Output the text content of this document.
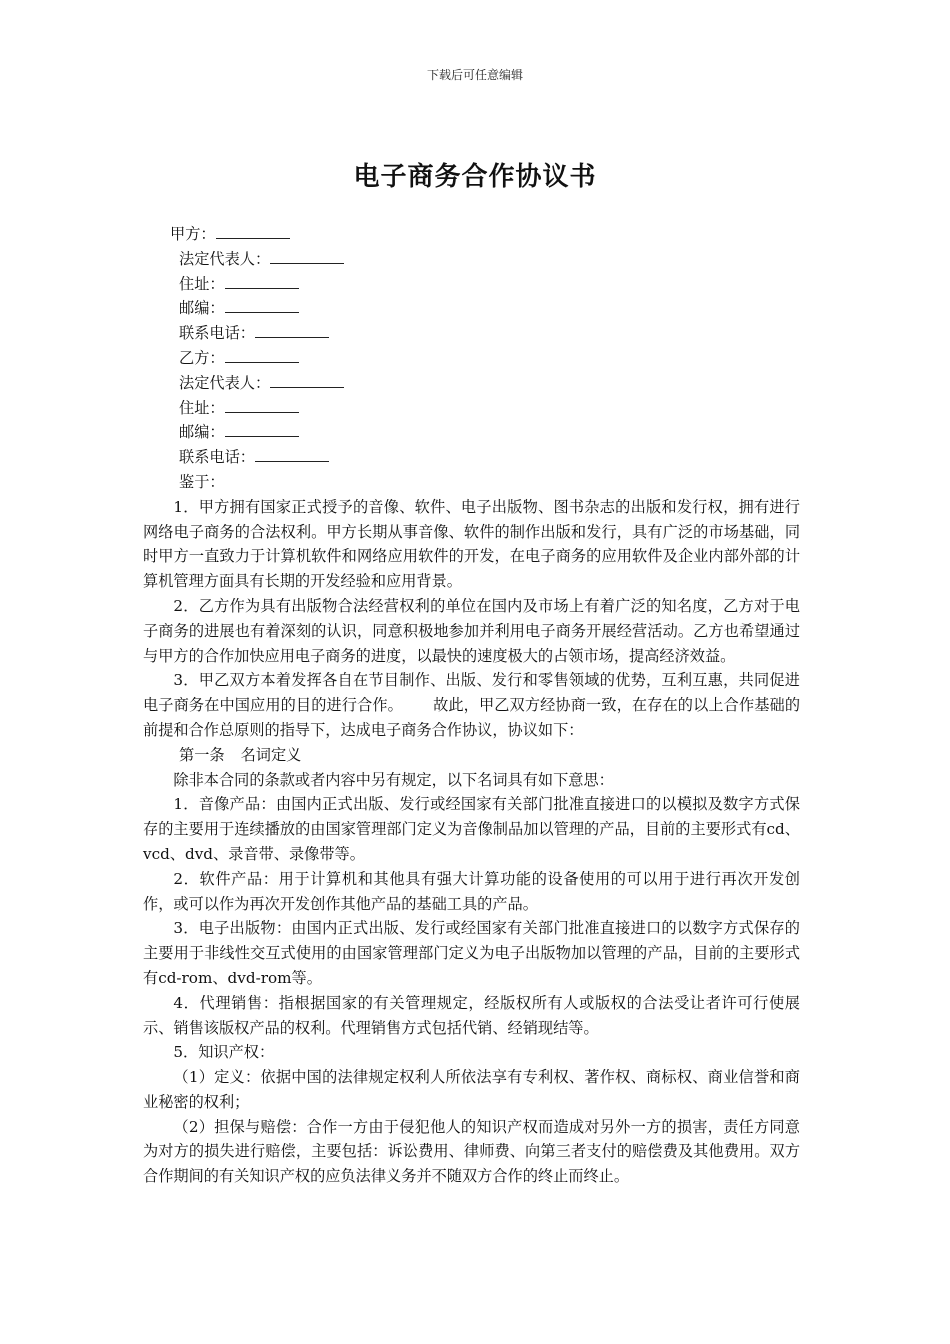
下载后可任意编辑
电子商务合作协议书
甲方：
法定代表人：
住址：
邮编：
联系电话：
乙方：
法定代表人：
住址：
邮编：
联系电话：
鉴于：

1．甲方拥有国家正式授予的音像、软件、电子出版物、图书杂志的出版和发行权，拥有进行网络电子商务的合法权利。甲方长期从事音像、软件的制作出版和发行，具有广泛的市场基础，同时甲方一直致力于计算机软件和网络应用软件的开发，在电子商务的应用软件及企业内部外部的计算机管理方面具有长期的开发经验和应用背景。

2．乙方作为具有出版物合法经营权利的单位在国内及市场上有着广泛的知名度，乙方对于电子商务的进展也有着深刻的认识，同意积极地参加并利用电子商务开展经营活动。乙方也希望通过与甲方的合作加快应用电子商务的进度，以最快的速度极大的占领市场，提高经济效益。

3．甲乙双方本着发挥各自在节目制作、出版、发行和零售领域的优势，互利互惠，共同促进电子商务在中国应用的目的进行合作。 故此，甲乙双方经协商一致，在存在的以上合作基础的前提和合作总原则的指导下，达成电子商务合作协议，协议如下：

第一条 名词定义

除非本合同的条款或者内容中另有规定，以下名词具有如下意思：

1．音像产品：由国内正式出版、发行或经国家有关部门批准直接进口的以模拟及数字方式保存的主要用于连续播放的由国家管理部门定义为音像制品加以管理的产品，目前的主要形式有cd、vcd、dvd、录音带、录像带等。

2．软件产品：用于计算机和其他具有强大计算功能的设备使用的可以用于进行再次开发创作，或可以作为再次开发创作其他产品的基础工具的产品。

3．电子出版物：由国内正式出版、发行或经国家有关部门批准直接进口的以数字方式保存的主要用于非线性交互式使用的由国家管理部门定义为电子出版物加以管理的产品，目前的主要形式有cd-rom、dvd-rom等。

4．代理销售：指根据国家的有关管理规定，经版权所有人或版权的合法受让者许可行使展示、销售该版权产品的权利。代理销售方式包括代销、经销现结等。

5．知识产权：

（1）定义：依据中国的法律规定权利人所依法享有专利权、著作权、商标权、商业信誉和商业秘密的权利；

（2）担保与赔偿：合作一方由于侵犯他人的知识产权而造成对另外一方的损害，责任方同意为对方的损失进行赔偿，主要包括：诉讼费用、律师费、向第三者支付的赔偿费及其他费用。双方合作期间的有关知识产权的应负法律义务并不随双方合作的终止而终止。
